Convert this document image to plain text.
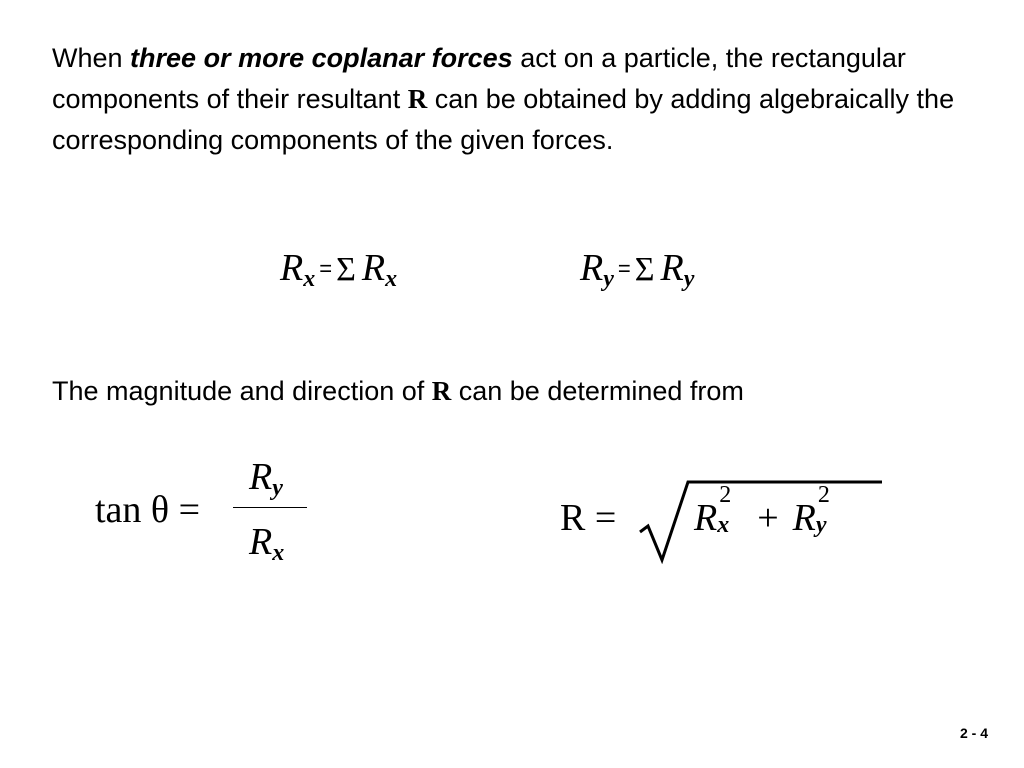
When three or more coplanar forces act on a particle, the rectangular components of their resultant R can be obtained by adding algebraically the corresponding components of the given forces.
$R_x = \Sigma$ $R_x$	$R_y = \Sigma$ $R_y$
The magnitude and direction of R can be determined from
tan θ =
$R_y$
$R_x$
R = R
2
x + R
2
y
2 - 4
